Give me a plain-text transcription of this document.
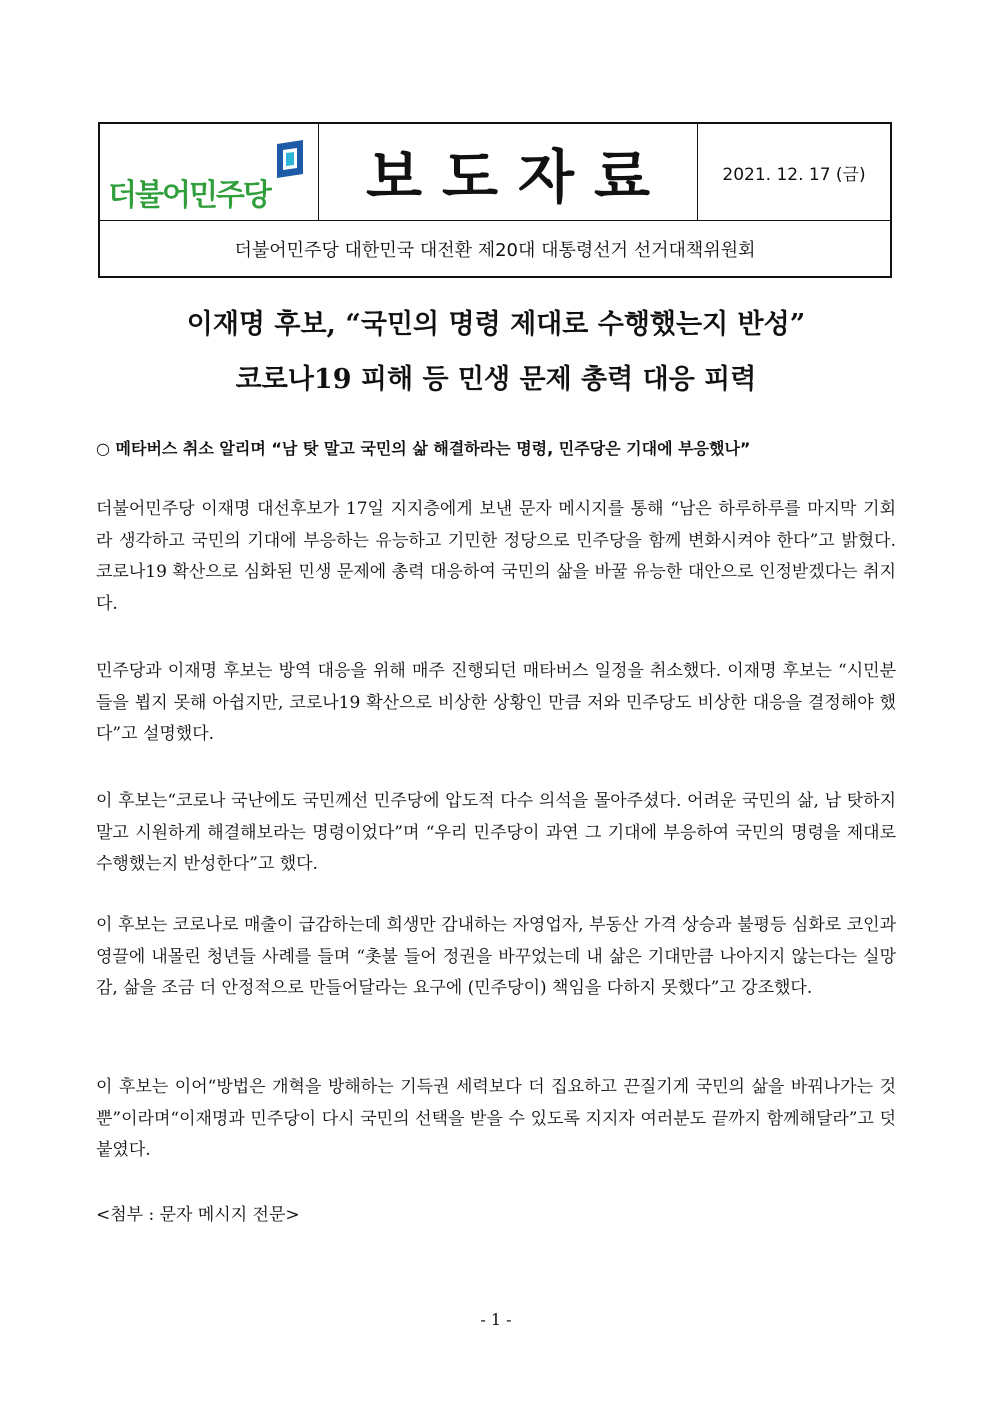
더불어민주당	보도자료	2021. 12. 17 (금)
더불어민주당 대한민국 대전환 제20대 대통령선거 선거대책위원회
이재명 후보, “국민의 명령 제대로 수행했는지 반성”
코로나19 피해 등 민생 문제 총력 대응 피력
○ 메타버스 취소 알리며 “남 탓 말고 국민의 삶 해결하라는 명령, 민주당은 기대에 부응했나”

더불어민주당 이재명 대선후보가 17일 지지층에게 보낸 문자 메시지를 통해 “남은 하루하루를 마지막 기회라 생각하고 국민의 기대에 부응하는 유능하고 기민한 정당으로 민주당을 함께 변화시켜야 한다”고 밝혔다. 코로나19 확산으로 심화된 민생 문제에 총력 대응하여 국민의 삶을 바꿀 유능한 대안으로 인정받겠다는 취지다.

민주당과 이재명 후보는 방역 대응을 위해 매주 진행되던 매타버스 일정을 취소했다. 이재명 후보는 “시민분들을 뵙지 못해 아쉽지만, 코로나19 확산으로 비상한 상황인 만큼 저와 민주당도 비상한 대응을 결정해야 했다”고 설명했다.

이 후보는“코로나 국난에도 국민께선 민주당에 압도적 다수 의석을 몰아주셨다. 어려운 국민의 삶, 남 탓하지 말고 시원하게 해결해보라는 명령이었다”며 “우리 민주당이 과연 그 기대에 부응하여 국민의 명령을 제대로 수행했는지 반성한다”고 했다.

이 후보는 코로나로 매출이 급감하는데 희생만 감내하는 자영업자, 부동산 가격 상승과 불평등 심화로 코인과 영끌에 내몰린 청년들 사례를 들며 “촛불 들어 정권을 바꾸었는데 내 삶은 기대만큼 나아지지 않는다는 실망감, 삶을 조금 더 안정적으로 만들어달라는 요구에 (민주당이) 책임을 다하지 못했다”고 강조했다.

이 후보는 이어“방법은 개혁을 방해하는 기득권 세력보다 더 집요하고 끈질기게 국민의 삶을 바꿔나가는 것뿐”이라며“이재명과 민주당이 다시 국민의 선택을 받을 수 있도록 지지자 여러분도 끝까지 함께해달라”고 덧붙였다.

<첨부 : 문자 메시지 전문>
- 1 -
